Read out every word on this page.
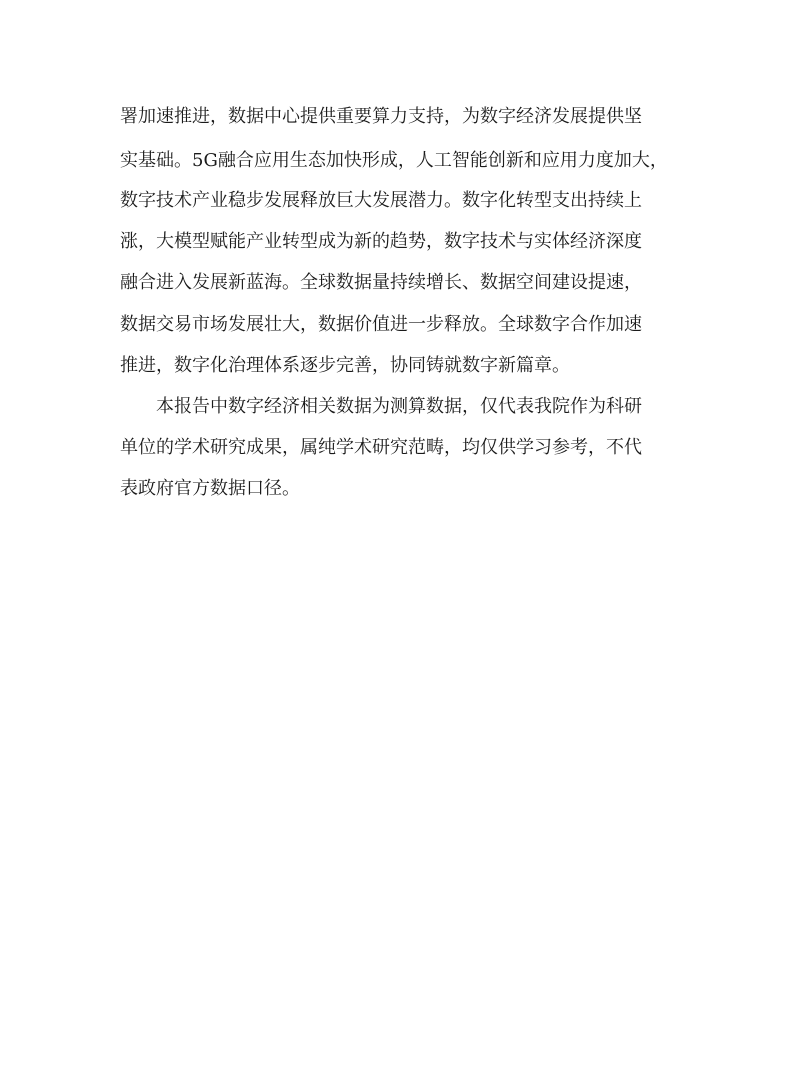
署加速推进，数据中心提供重要算力支持，为数字经济发展提供坚
实基础。5G融合应用生态加快形成，人工智能创新和应用力度加大，
数字技术产业稳步发展释放巨大发展潜力。数字化转型支出持续上
涨，大模型赋能产业转型成为新的趋势，数字技术与实体经济深度
融合进入发展新蓝海。全球数据量持续增长、数据空间建设提速，
数据交易市场发展壮大，数据价值进一步释放。全球数字合作加速
推进，数字化治理体系逐步完善，协同铸就数字新篇章。
本报告中数字经济相关数据为测算数据，仅代表我院作为科研
单位的学术研究成果，属纯学术研究范畴，均仅供学习参考，不代
表政府官方数据口径。
